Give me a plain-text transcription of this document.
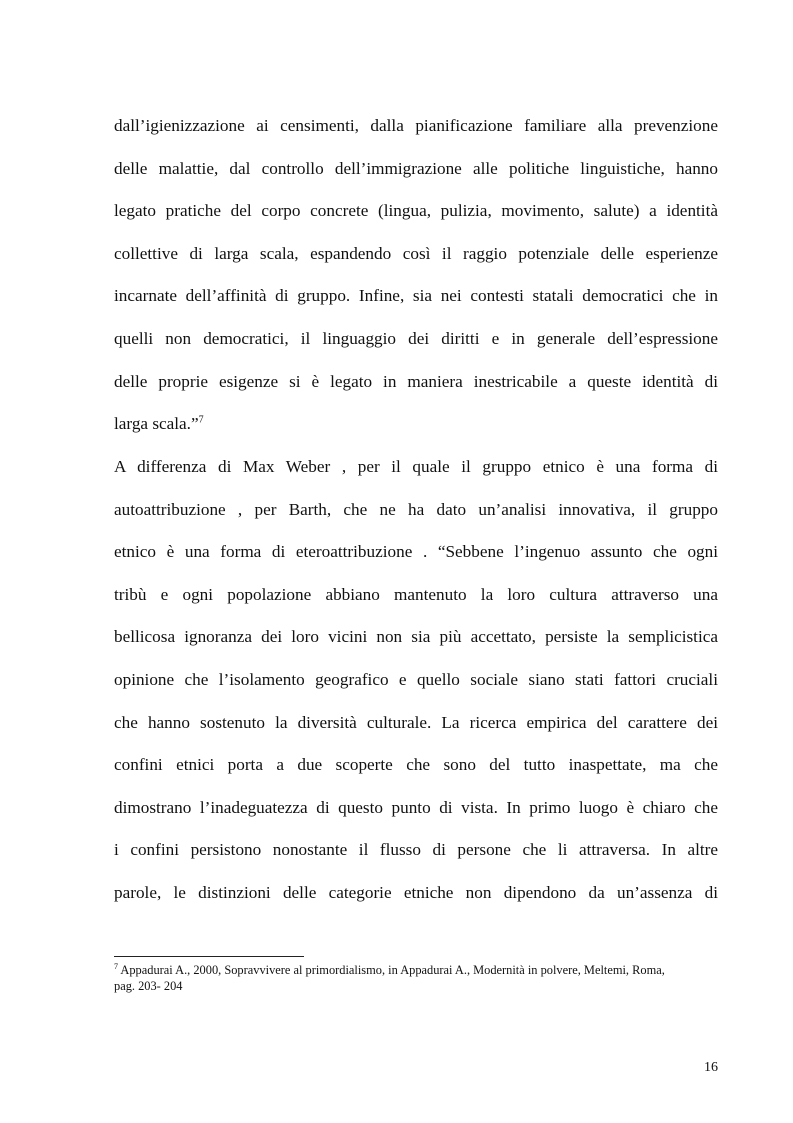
dall’igienizzazione ai censimenti, dalla pianificazione familiare alla prevenzione
delle malattie, dal controllo dell’immigrazione alle politiche linguistiche, hanno
legato pratiche del corpo concrete (lingua, pulizia, movimento, salute) a identità
collettive di larga scala, espandendo così il raggio potenziale delle esperienze
incarnate dell’affinità di gruppo. Infine, sia nei contesti statali democratici che in
quelli non democratici, il linguaggio dei diritti e in generale dell’espressione
delle proprie esigenze si è legato in maniera inestricabile a queste identità di
larga scala.”$^7$
A differenza di Max Weber , per il quale il gruppo etnico è una forma di
autoattribuzione , per Barth, che ne ha dato un’analisi innovativa, il gruppo
etnico è una forma di eteroattribuzione . “Sebbene l’ingenuo assunto che ogni
tribù e ogni popolazione abbiano mantenuto la loro cultura attraverso una
bellicosa ignoranza dei loro vicini non sia più accettato, persiste la semplicistica
opinione che l’isolamento geografico e quello sociale siano stati fattori cruciali
che hanno sostenuto la diversità culturale. La ricerca empirica del carattere dei
confini etnici porta a due scoperte che sono del tutto inaspettate, ma che
dimostrano l’inadeguatezza di questo punto di vista. In primo luogo è chiaro che
i confini persistono nonostante il flusso di persone che li attraversa. In altre
parole, le distinzioni delle categorie etniche non dipendono da un’assenza di
$^7$ Appadurai A., 2000, Sopravvivere al primordialismo, in Appadurai A., Modernità in polvere, Meltemi, Roma,
pag. 203- 204
16
